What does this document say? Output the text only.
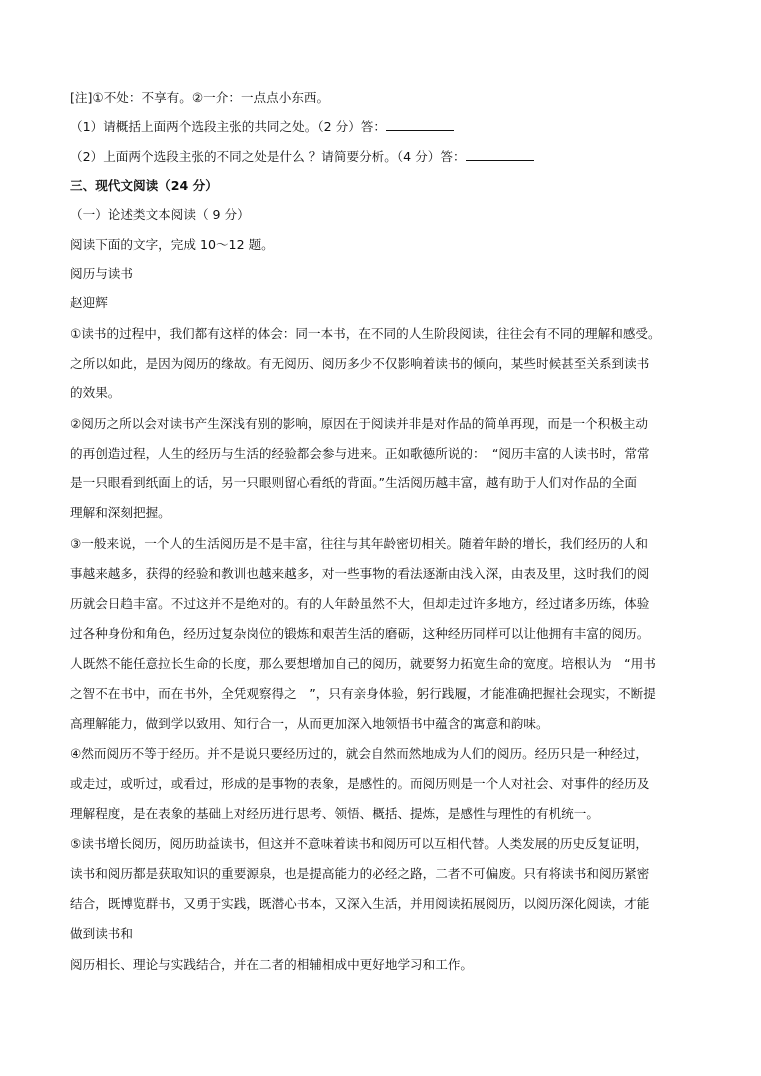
[注]①不处：不享有。②一介：一点点小东西。
（1）请概括上面两个选段主张的共同之处。（2 分）答：
（2）上面两个选段主张的不同之处是什么 ？请简要分析。（4 分）答：
三、现代文阅读（24 分）
（一）论述类文本阅读（ 9 分）
阅读下面的文字，完成 10～12 题。
阅历与读书
赵迎辉
①读书的过程中，我们都有这样的体会：同一本书，在不同的人生阶段阅读，往往会有不同的理解和感受。
之所以如此，是因为阅历的缘故。有无阅历、阅历多少不仅影响着读书的倾向，某些时候甚至关系到读书
的效果。
②阅历之所以会对读书产生深浅有别的影响，原因在于阅读并非是对作品的简单再现，而是一个积极主动
的再创造过程，人生的经历与生活的经验都会参与进来。正如歌德所说的：　“阅历丰富的人读书时，常常
是一只眼看到纸面上的话，另一只眼则留心看纸的背面。”生活阅历越丰富，越有助于人们对作品的全面
理解和深刻把握。
③一般来说，一个人的生活阅历是不是丰富，往往与其年龄密切相关。随着年龄的增长，我们经历的人和
事越来越多，获得的经验和教训也越来越多，对一些事物的看法逐渐由浅入深，由表及里，这时我们的阅
历就会日趋丰富。不过这并不是绝对的。有的人年龄虽然不大，但却走过许多地方，经过诸多历练，体验
过各种身份和角色，经历过复杂岗位的锻炼和艰苦生活的磨砺，这种经历同样可以让他拥有丰富的阅历。
人既然不能任意拉长生命的长度，那么要想增加自己的阅历，就要努力拓宽生命的宽度。培根认为　“用书
之智不在书中，而在书外，全凭观察得之　”，只有亲身体验，躬行践履，才能准确把握社会现实，不断提
高理解能力，做到学以致用、知行合一，从而更加深入地领悟书中蕴含的寓意和韵味。
④然而阅历不等于经历。并不是说只要经历过的，就会自然而然地成为人们的阅历。经历只是一种经过，
或走过，或听过，或看过，形成的是事物的表象，是感性的。而阅历则是一个人对社会、对事件的经历及
理解程度，是在表象的基础上对经历进行思考、领悟、概括、提炼，是感性与理性的有机统一。
⑤读书增长阅历，阅历助益读书，但这并不意味着读书和阅历可以互相代替。人类发展的历史反复证明，
读书和阅历都是获取知识的重要源泉，也是提高能力的必经之路，二者不可偏废。只有将读书和阅历紧密
结合，既博览群书，又勇于实践，既潜心书本，又深入生活，并用阅读拓展阅历，以阅历深化阅读，才能
做到读书和
阅历相长、理论与实践结合，并在二者的相辅相成中更好地学习和工作。
